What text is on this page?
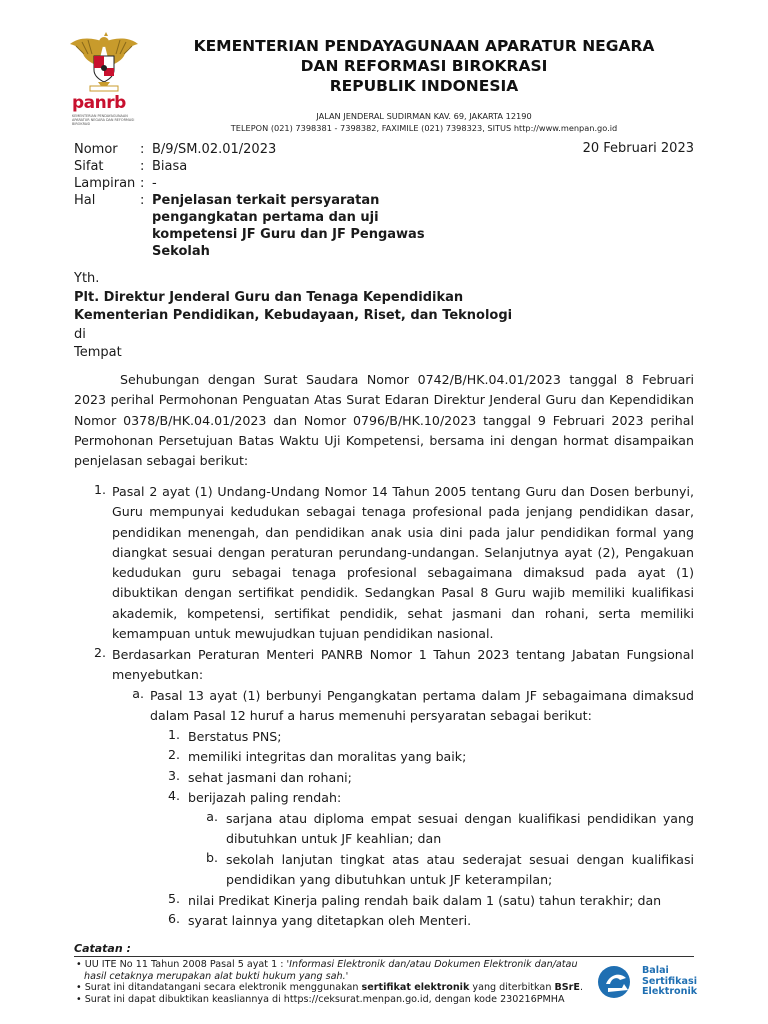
panrb
KEMENTERIAN PENDAYAGUNAAN APARATUR NEGARA DAN REFORMASI BIROKRASI
KEMENTERIAN PENDAYAGUNAAN APARATUR NEGARA
DAN REFORMASI BIROKRASI
REPUBLIK INDONESIA
JALAN JENDERAL SUDIRMAN KAV. 69, JAKARTA 12190
TELEPON (021) 7398381 - 7398382, FAXIMILE (021) 7398323, SITUS http://www.menpan.go.id
Nomor	: B/9/SM.02.01/2023
Sifat	: Biasa
Lampiran : -
Hal	: Penjelasan terkait persyaratan
pengangkatan pertama dan uji
kompetensi JF Guru dan JF Pengawas
Sekolah
20 Februari 2023
Yth.
Plt. Direktur Jenderal Guru dan Tenaga Kependidikan
Kementerian Pendidikan, Kebudayaan, Riset, dan Teknologi
di
Tempat
Sehubungan dengan Surat Saudara Nomor 0742/B/HK.04.01/2023 tanggal 8 Februari 2023 perihal Permohonan Penguatan Atas Surat Edaran Direktur Jenderal Guru dan Kependidikan Nomor 0378/B/HK.04.01/2023 dan Nomor 0796/B/HK.10/2023 tanggal 9 Februari 2023 perihal Permohonan Persetujuan Batas Waktu Uji Kompetensi, bersama ini dengan hormat disampaikan penjelasan sebagai berikut:
1. Pasal 2 ayat (1) Undang-Undang Nomor 14 Tahun 2005 tentang Guru dan Dosen berbunyi, Guru mempunyai kedudukan sebagai tenaga profesional pada jenjang pendidikan dasar, pendidikan menengah, dan pendidikan anak usia dini pada jalur pendidikan formal yang diangkat sesuai dengan peraturan perundang-undangan. Selanjutnya ayat (2), Pengakuan kedudukan guru sebagai tenaga profesional sebagaimana dimaksud pada ayat (1) dibuktikan dengan sertifikat pendidik. Sedangkan Pasal 8 Guru wajib memiliki kualifikasi akademik, kompetensi, sertifikat pendidik, sehat jasmani dan rohani, serta memiliki kemampuan untuk mewujudkan tujuan pendidikan nasional.
2. Berdasarkan Peraturan Menteri PANRB Nomor 1 Tahun 2023 tentang Jabatan Fungsional menyebutkan:
a. Pasal 13 ayat (1) berbunyi Pengangkatan pertama dalam JF sebagaimana dimaksud dalam Pasal 12 huruf a harus memenuhi persyaratan sebagai berikut:
1. Berstatus PNS;
2. memiliki integritas dan moralitas yang baik;
3. sehat jasmani dan rohani;
4. berijazah paling rendah:
a. sarjana atau diploma empat sesuai dengan kualifikasi pendidikan yang dibutuhkan untuk JF keahlian; dan
b. sekolah lanjutan tingkat atas atau sederajat sesuai dengan kualifikasi pendidikan yang dibutuhkan untuk JF keterampilan;
5. nilai Predikat Kinerja paling rendah baik dalam 1 (satu) tahun terakhir; dan
6. syarat lainnya yang ditetapkan oleh Menteri.
Catatan :
• UU ITE No 11 Tahun 2008 Pasal 5 ayat 1 : 'Informasi Elektronik dan/atau Dokumen Elektronik dan/atau hasil cetaknya merupakan alat bukti hukum yang sah.'
• Surat ini ditandatangani secara elektronik menggunakan sertifikat elektronik yang diterbitkan BSrE.
• Surat ini dapat dibuktikan keasliannya di https://ceksurat.menpan.go.id, dengan kode 230216PMHA
Balai
Sertifikasi
Elektronik
